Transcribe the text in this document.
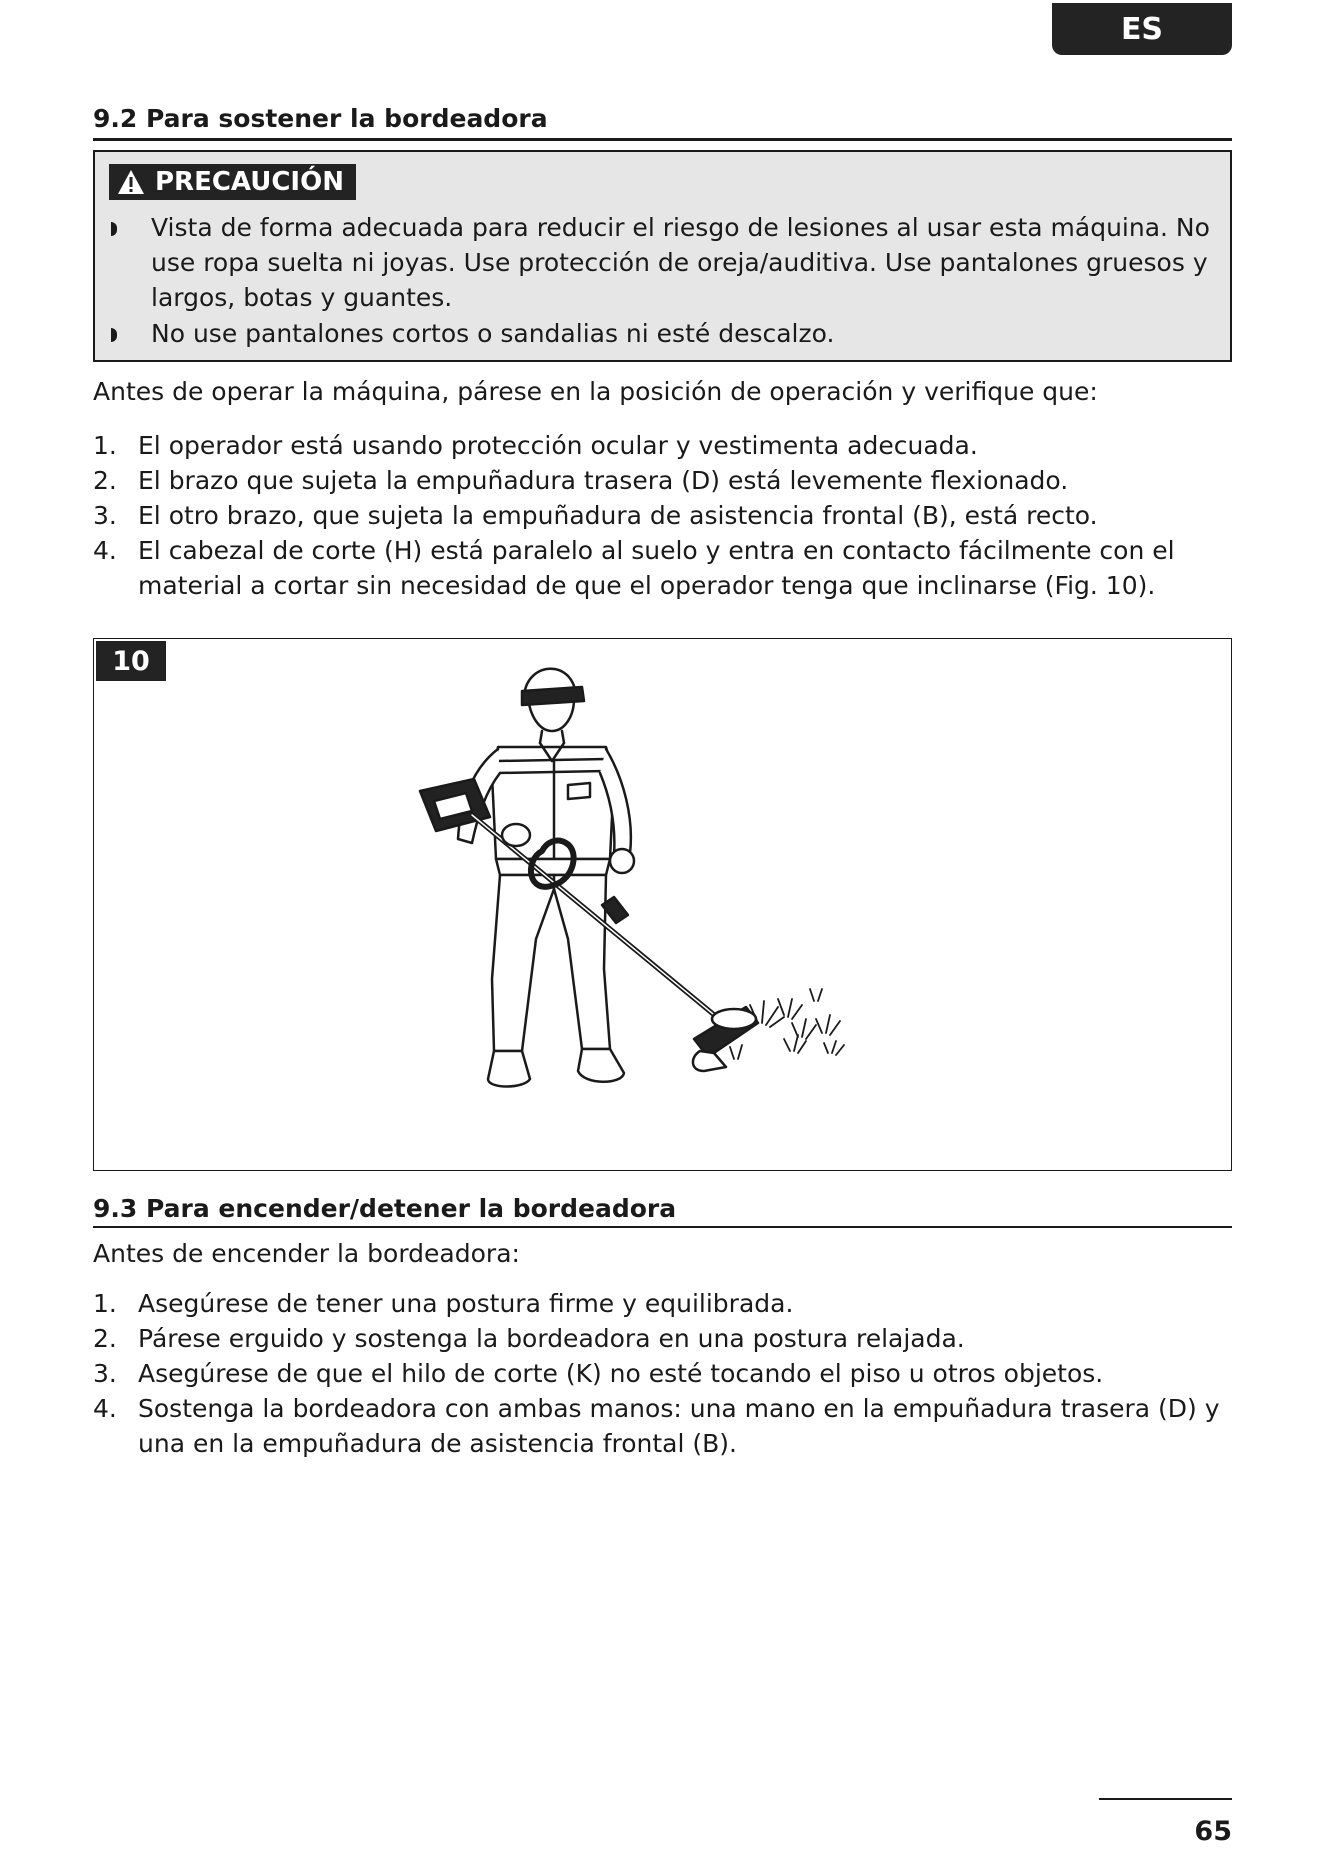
ES
9.2 Para sostener la bordeadora
PRECAUCIÓN
Vista de forma adecuada para reducir el riesgo de lesiones al usar esta máquina. No use ropa suelta ni joyas. Use protección de oreja/auditiva. Use pantalones gruesos y largos, botas y guantes.
No use pantalones cortos o sandalias ni esté descalzo.
Antes de operar la máquina, párese en la posición de operación y verifique que:
1. El operador está usando protección ocular y vestimenta adecuada.
2. El brazo que sujeta la empuñadura trasera (D) está levemente flexionado.
3. El otro brazo, que sujeta la empuñadura de asistencia frontal (B), está recto.
4. El cabezal de corte (H) está paralelo al suelo y entra en contacto fácilmente con el material a cortar sin necesidad de que el operador tenga que inclinarse (Fig. 10).
10
9.3 Para encender/detener la bordeadora
Antes de encender la bordeadora:
1. Asegúrese de tener una postura firme y equilibrada.
2. Párese erguido y sostenga la bordeadora en una postura relajada.
3. Asegúrese de que el hilo de corte (K) no esté tocando el piso u otros objetos.
4. Sostenga la bordeadora con ambas manos: una mano en la empuñadura trasera (D) y una en la empuñadura de asistencia frontal (B).
65
